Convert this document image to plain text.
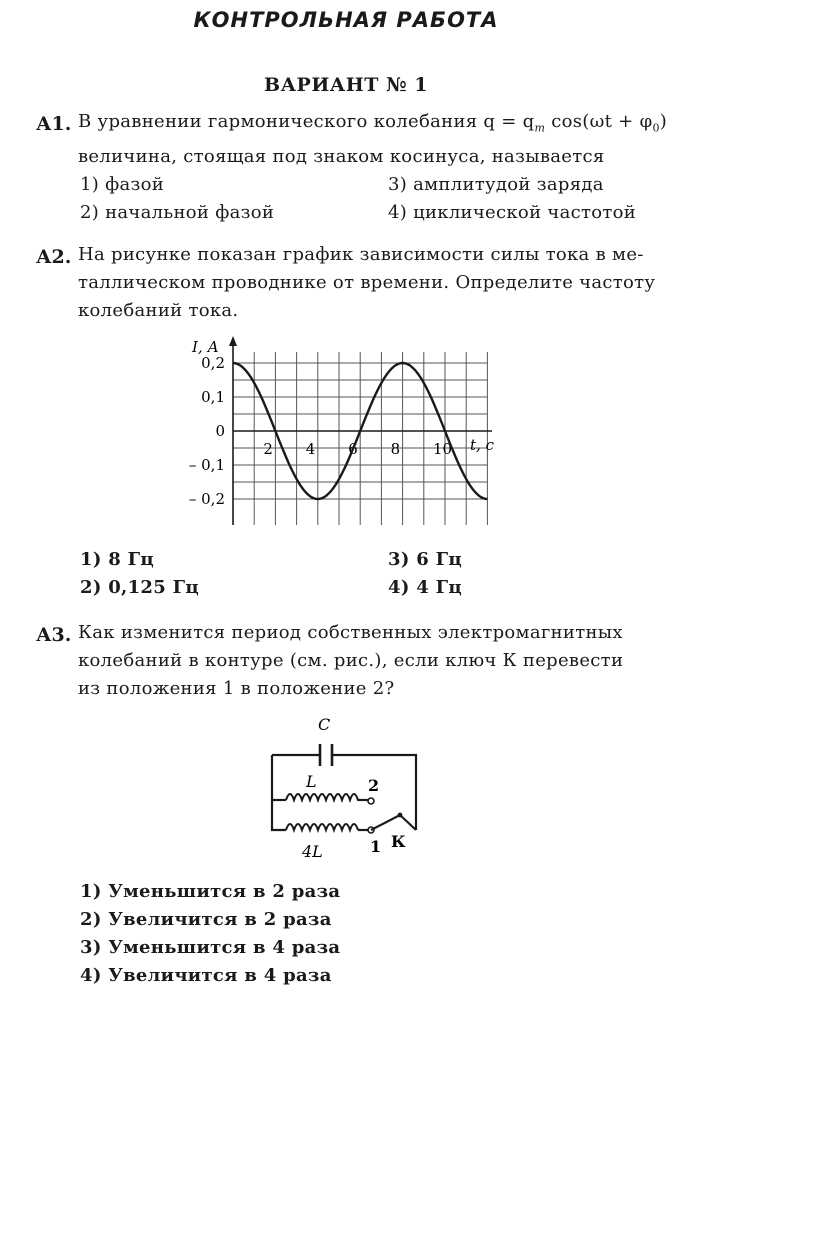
КОНТРОЛЬНАЯ РАБОТА
ВАРИАНТ № 1
А1. В уравнении гармонического колебания $q = q_m$ $\cos(\omega t + \varphi_0)$
величина, стоящая под знаком косинуса, называется
1) фазой
2) начальной фазой
3) амплитудой заряда
4) циклической частотой
А2. На рисунке показан график зависимости силы тока в ме-
таллическом проводнике от времени. Определите частоту
колебаний тока.
I, А
t, с
2 4 6 8 10
0,2
0,1
0
– 0,1
– 0,2
1) 8 Гц
2) 0,125 Гц
3) 6 Гц
4) 4 Гц
А3. Как изменится период собственных электромагнитных
колебаний в контуре (см. рис.), если ключ К перевести
из положения 1 в положение 2?
C
L	2
4L	1 К
1) Уменьшится в 2 раза
2) Увеличится в 2 раза
3) Уменьшится в 4 раза
4) Увеличится в 4 раза
